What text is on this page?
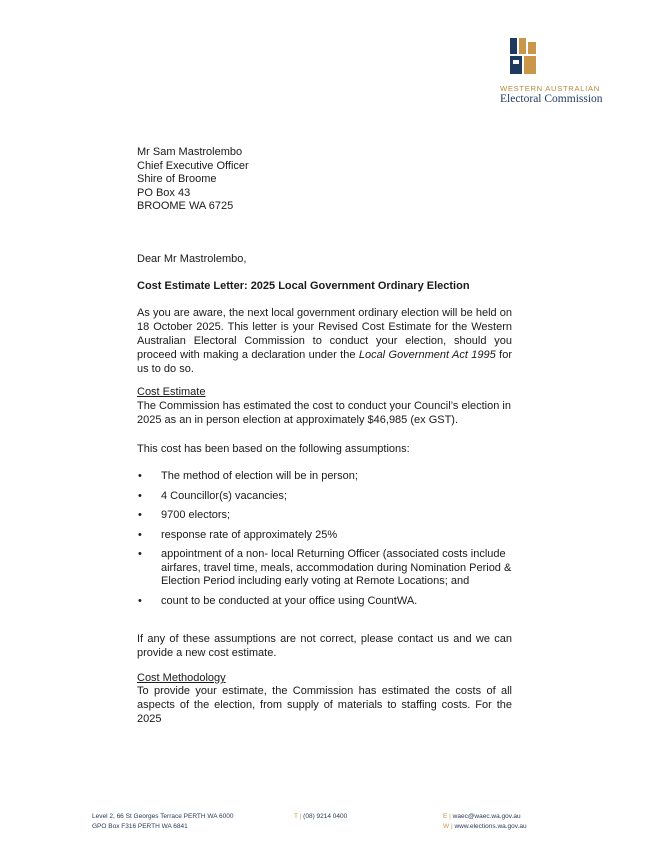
WESTERN AUSTRALIAN
Electoral Commission
Mr Sam Mastrolembo
Chief Executive Officer
Shire of Broome
PO Box 43
BROOME WA 6725
Dear Mr Mastrolembo,
Cost Estimate Letter: 2025 Local Government Ordinary Election
As you are aware, the next local government ordinary election will be held on 18 October 2025. This letter is your Revised Cost Estimate for the Western Australian Electoral Commission to conduct your election, should you proceed with making a declaration under the Local Government Act 1995 for us to do so.
Cost Estimate
The Commission has estimated the cost to conduct your Council’s election in 2025 as an in person election at approximately $46,985 (ex GST).
This cost has been based on the following assumptions:
• The method of election will be in person;
• 4 Councillor(s) vacancies;
• 9700 electors;
• response rate of approximately 25%
• appointment of a non- local Returning Officer (associated costs include airfares, travel time, meals, accommodation during Nomination Period & Election Period including early voting at Remote Locations; and
• count to be conducted at your office using CountWA.
If any of these assumptions are not correct, please contact us and we can provide a new cost estimate.
Cost Methodology
To provide your estimate, the Commission has estimated the costs of all aspects of the election, from supply of materials to staffing costs. For the 2025
Level 2, 66 St Georges Terrace PERTH WA 6000
GPO Box F316 PERTH WA 6841
T | (08) 9214 0400	E | waec@waec.wa.gov.au
W | www.elections.wa.gov.au
